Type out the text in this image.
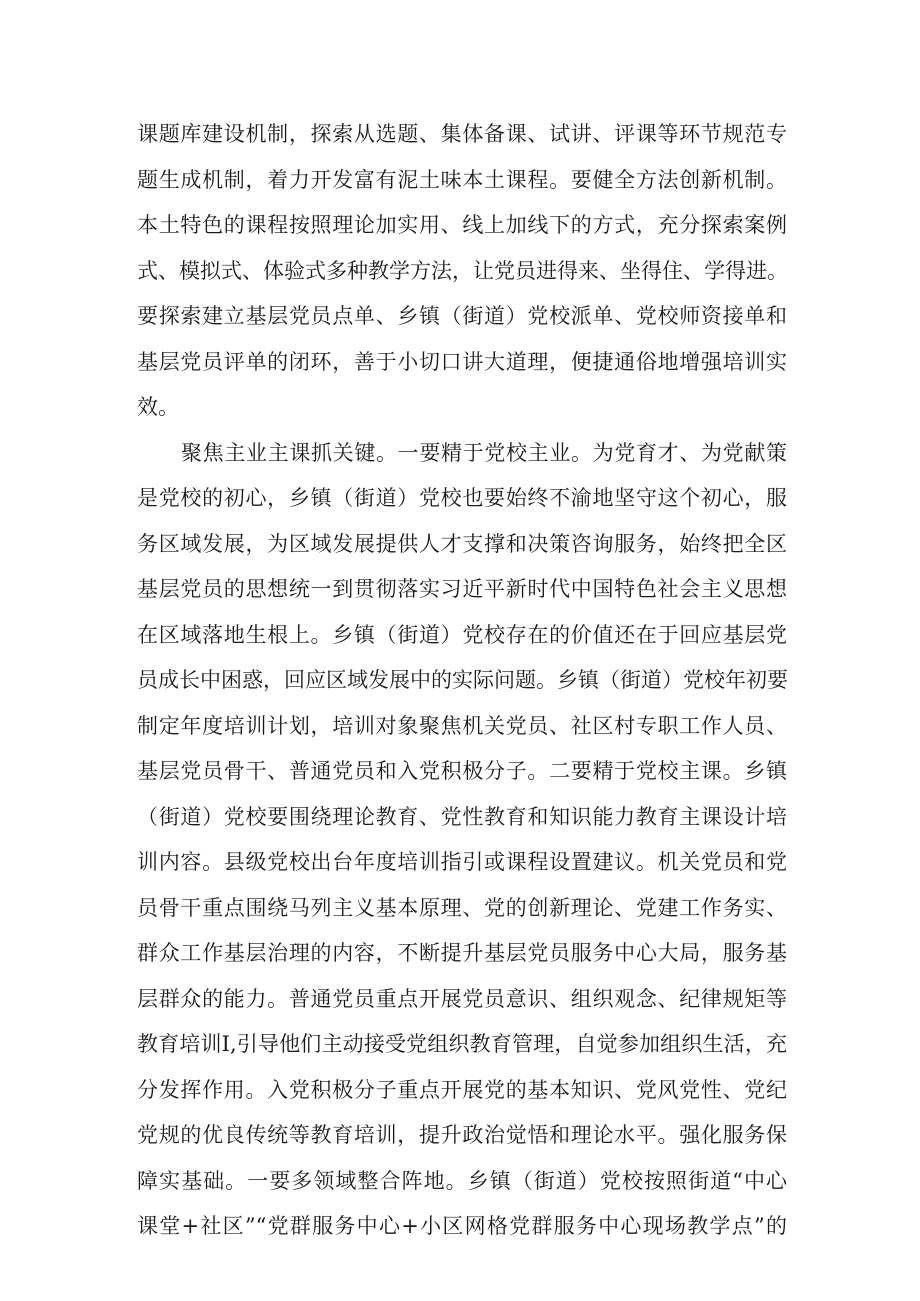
课题库建设机制，探索从选题、集体备课、试讲、评课等环节规范专
题生成机制，着力开发富有泥土味本土课程。要健全方法创新机制。
本土特色的课程按照理论加实用、线上加线下的方式，充分探索案例
式、模拟式、体验式多种教学方法，让党员进得来、坐得住、学得进。
要探索建立基层党员点单、乡镇（街道）党校派单、党校师资接单和
基层党员评单的闭环，善于小切口讲大道理，便捷通俗地增强培训实
效。
聚焦主业主课抓关键。一要精于党校主业。为党育才、为党献策
是党校的初心，乡镇（街道）党校也要始终不渝地坚守这个初心，服
务区域发展，为区域发展提供人才支撑和决策咨询服务，始终把全区
基层党员的思想统一到贯彻落实习近平新时代中国特色社会主义思想
在区域落地生根上。乡镇（街道）党校存在的价值还在于回应基层党
员成长中困惑，回应区域发展中的实际问题。乡镇（街道）党校年初要
制定年度培训计划，培训对象聚焦机关党员、社区村专职工作人员、
基层党员骨干、普通党员和入党积极分子。二要精于党校主课。乡镇
（街道）党校要围绕理论教育、党性教育和知识能力教育主课设计培
训内容。县级党校出台年度培训指引或课程设置建议。机关党员和党
员骨干重点围绕马列主义基本原理、党的创新理论、党建工作务实、
群众工作基层治理的内容，不断提升基层党员服务中心大局，服务基
层群众的能力。普通党员重点开展党员意识、组织观念、纪律规矩等
教育培训I,引导他们主动接受党组织教育管理，自觉参加组织生活，充
分发挥作用。入党积极分子重点开展党的基本知识、党风党性、党纪
党规的优良传统等教育培训，提升政治觉悟和理论水平。强化服务保
障实基础。一要多领域整合阵地。乡镇（街道）党校按照街道“中心
课堂+社区”“党群服务中心+小区网格党群服务中心现场教学点”的
